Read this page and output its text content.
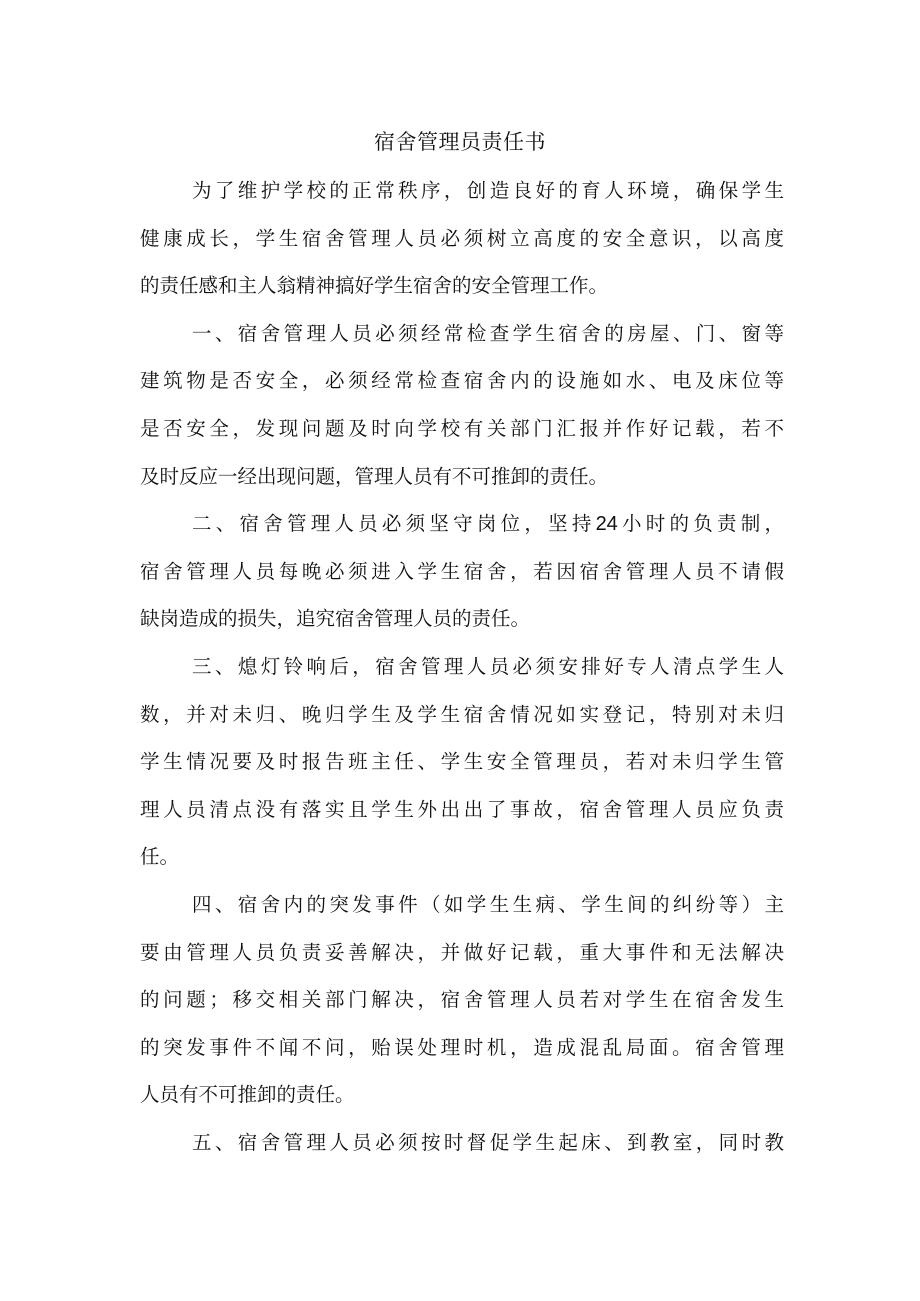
宿舍管理员责任书
为了维护学校的正常秩序，创造良好的育人环境，确保学生
健康成长，学生宿舍管理人员必须树立高度的安全意识，以高度
的责任感和主人翁精神搞好学生宿舍的安全管理工作。
一、宿舍管理人员必须经常检查学生宿舍的房屋、门、窗等
建筑物是否安全，必须经常检查宿舍内的设施如水、电及床位等
是否安全，发现问题及时向学校有关部门汇报并作好记载，若不
及时反应一经出现问题，管理人员有不可推卸的责任。
二、宿舍管理人员必须坚守岗位，坚持24小时的负责制，
宿舍管理人员每晚必须进入学生宿舍，若因宿舍管理人员不请假
缺岗造成的损失，追究宿舍管理人员的责任。
三、熄灯铃响后，宿舍管理人员必须安排好专人清点学生人
数，并对未归、晚归学生及学生宿舍情况如实登记，特别对未归
学生情况要及时报告班主任、学生安全管理员，若对未归学生管
理人员清点没有落实且学生外出出了事故，宿舍管理人员应负责
任。
四、宿舍内的突发事件（如学生生病、学生间的纠纷等）主
要由管理人员负责妥善解决，并做好记载，重大事件和无法解决
的问题；移交相关部门解决，宿舍管理人员若对学生在宿舍发生
的突发事件不闻不问，贻误处理时机，造成混乱局面。宿舍管理
人员有不可推卸的责任。
五、宿舍管理人员必须按时督促学生起床、到教室，同时教
